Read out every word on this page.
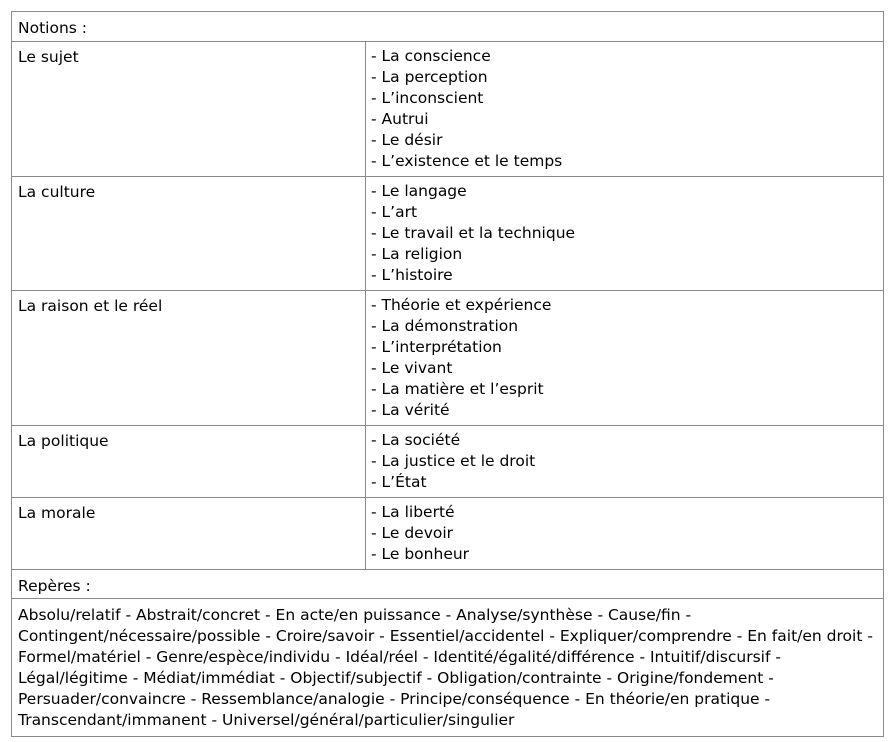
Notions :
Le sujet	- La conscience
- La perception
- L’inconscient
- Autrui
- Le désir
- L’existence et le temps
La culture	- Le langage
- L’art
- Le travail et la technique
- La religion
- L’histoire
La raison et le réel	- Théorie et expérience
- La démonstration
- L’interprétation
- Le vivant
- La matière et l’esprit
- La vérité
La politique	- La société
- La justice et le droit
- L’État
La morale	- La liberté
- Le devoir
- Le bonheur
Repères :
Absolu/relatif - Abstrait/concret - En acte/en puissance - Analyse/synthèse - Cause/fin - Contingent/nécessaire/possible - Croire/savoir - Essentiel/accidentel - Expliquer/comprendre - En fait/en droit - Formel/matériel - Genre/espèce/individu - Idéal/réel - Identité/égalité/différence - Intuitif/discursif - Légal/légitime - Médiat/immédiat - Objectif/subjectif - Obligation/contrainte - Origine/fondement - Persuader/convaincre - Ressemblance/analogie - Principe/conséquence - En théorie/en pratique - Transcendant/immanent - Universel/général/particulier/singulier
